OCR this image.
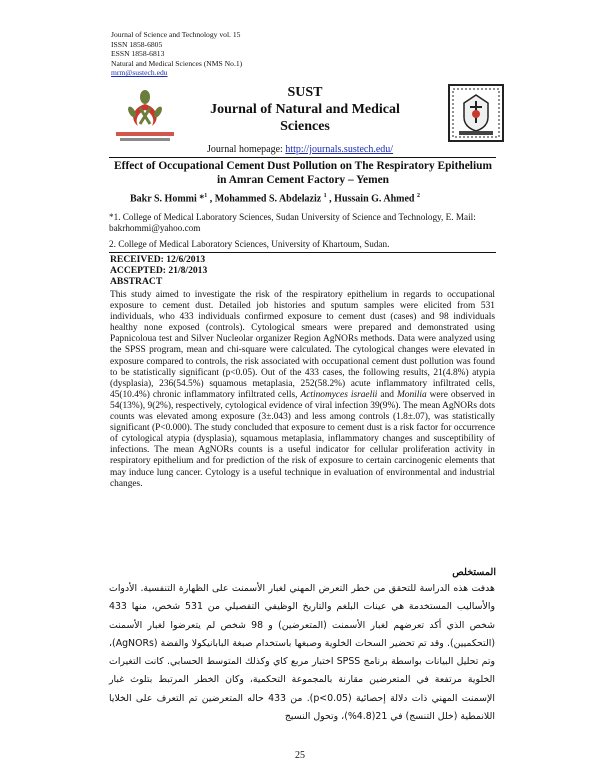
Journal of Science and Technology vol. 15
ISSN 1858-6805
ESSN 1858-6813
Natural and Medical Sciences (NMS No.1)
mrm@sustech.edu
SUST
Journal of Natural and Medical
Sciences
Journal homepage: http://journals.sustech.edu/
Effect of Occupational Cement Dust Pollution on The Respiratory Epithelium in Amran Cement Factory – Yemen
Bakr S. Hommi *$^1$ , Mohammed S. Abdelaziz $^1$ , Hussain G. Ahmed $^2$
*1. College of Medical Laboratory Sciences, Sudan University of Science and Technology, E. Mail: bakrhommi@yahoo.com
2. College of Medical Laboratory Sciences, University of Khartoum, Sudan.
RECEIVED: 12/6/2013
ACCEPTED: 21/8/2013
ABSTRACT
This study aimed to investigate the risk of the respiratory epithelium in regards to occupational exposure to cement dust. Detailed job histories and sputum samples were elicited from 531 individuals, who 433 individuals confirmed exposure to cement dust (cases) and 98 individuals healthy none exposed (controls). Cytological smears were prepared and demonstrated using Papnicoloua test and Silver Nucleolar organizer Region AgNORs methods. Data were analyzed using the SPSS program, mean and chi-square were calculated. The cytological changes were elevated in exposure compared to controls, the risk associated with occupational cement dust pollution was found to be statistically significant (p<0.05). Out of the 433 cases, the following results, 21(4.8%) atypia (dysplasia), 236(54.5%) squamous metaplasia, 252(58.2%) acute inflammatory infiltrated cells, 45(10.4%) chronic inflammatory infiltrated cells, Actinomyces israelii and Monilia were observed in 54(13%), 9(2%), respectively, cytological evidence of viral infection 39(9%). The mean AgNORs dots counts was elevated among exposure (3±.043) and less among controls (1.8±.07), was statistically significant (P<0.000). The study concluded that exposure to cement dust is a risk factor for occurrence of cytological atypia (dysplasia), squamous metaplasia, inflammatory changes and susceptibility of infections. The mean AgNORs counts is a useful indicator for cellular proliferation activity in respiratory epithelium and for prediction of the risk of exposure to certain carcinogenic elements that may induce lung cancer. Cytology is a useful technique in evaluation of environmental and industrial changes.
المستخلص
هدفت هذه الدراسة للتحقق من خطر التعرض المهني لغبار الأسمنت على الظهارة التنفسية. الأدوات والأساليب المستخدمة هي عينات البلغم والتاريخ الوظيفي التفصيلي من 531 شخص، منها 433 شخص الذي أكد تعرضهم لغبار الأسمنت (المتعرضين) و 98 شخص لم يتعرضوا لغبار الأسمنت (التحكميين). وقد تم تحضير السحات الخلوية وصبغها باستخدام صبغة البابانيكولا والفضة (AgNORs)، وتم تحليل البيانات بواسطة برنامج SPSS اختبار مربع كاي وكذلك المتوسط الحسابي. كانت التغيرات الخلوية مرتفعة في المتعرضين مقارنة بالمجموعة التحكمية، وكان الخطر المرتبط بتلوث غبار الإسمنت المهني ذات دلالة إحصائية (p<0.05). من 433 حاله المتعرضين تم التعرف على الخلايا اللانمطية (خلل التنسج) في 21(4.8%)، وتحول النسيج
25
